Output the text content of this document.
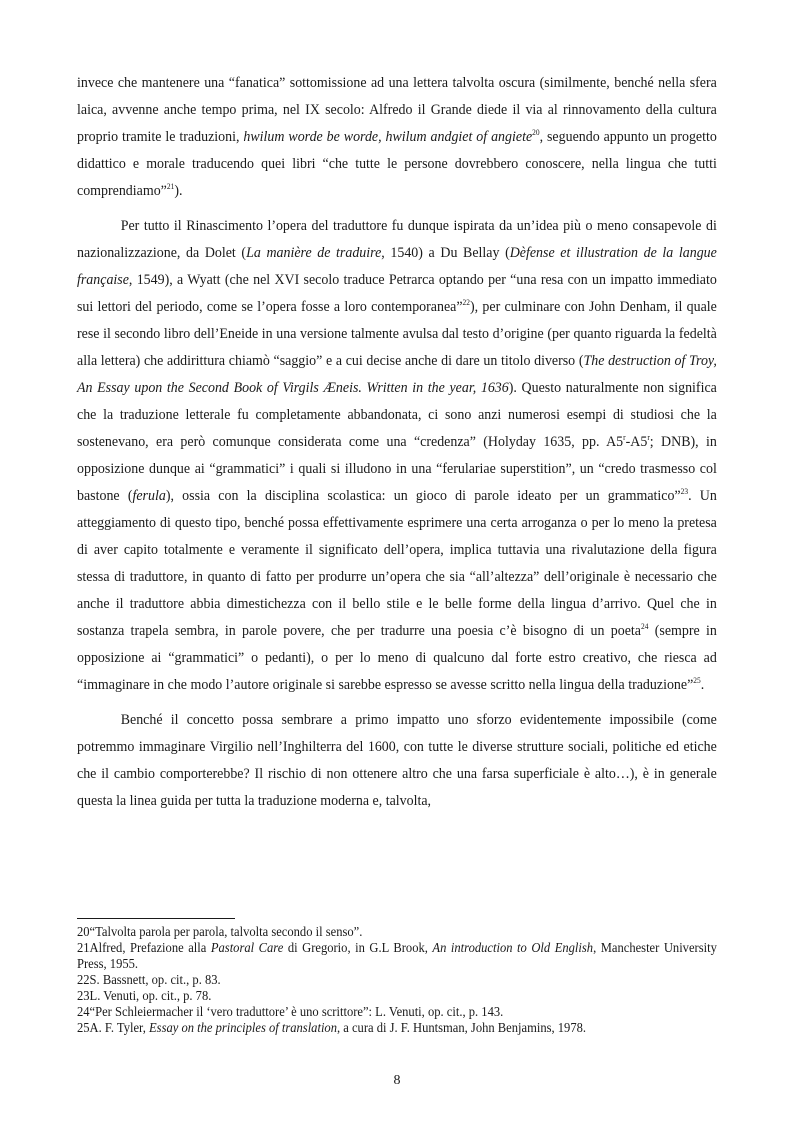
invece che mantenere una “fanatica” sottomissione ad una lettera talvolta oscura (similmente, benché nella sfera laica, avvenne anche tempo prima, nel IX secolo: Alfredo il Grande diede il via al rinnovamento della cultura proprio tramite le traduzioni, hwilum worde be worde, hwilum andgiet of angiete$^{20}$, seguendo appunto un progetto didattico e morale traducendo quei libri “che tutte le persone dovrebbero conoscere, nella lingua che tutti comprendiamo”$^{21}$).

Per tutto il Rinascimento l’opera del traduttore fu dunque ispirata da un’idea più o meno consapevole di nazionalizzazione, da Dolet (La manière de traduire, 1540) a Du Bellay (Dèfense et illustration de la langue française, 1549), a Wyatt (che nel XVI secolo traduce Petrarca optando per “una resa con un impatto immediato sui lettori del periodo, come se l’opera fosse a loro contemporanea”$^{22}$), per culminare con John Denham, il quale rese il secondo libro dell’Eneide in una versione talmente avulsa dal testo d’origine (per quanto riguarda la fedeltà alla lettera) che addirittura chiamò “saggio” e a cui decise anche di dare un titolo diverso (The destruction of Troy, An Essay upon the Second Book of Virgils Æneis. Written in the year, 1636). Questo naturalmente non significa che la traduzione letterale fu completamente abbandonata, ci sono anzi numerosi esempi di studiosi che la sostenevano, era però comunque considerata come una “credenza” (Holyday 1635, pp. A5$^r$-A5$^r$; DNB), in opposizione dunque ai “grammatici” i quali si illudono in una “ferulariae superstition”, un “credo trasmesso col bastone (ferula), ossia con la disciplina scolastica: un gioco di parole ideato per un grammatico”$^{23}$. Un atteggiamento di questo tipo, benché possa effettivamente esprimere una certa arroganza o per lo meno la pretesa di aver capito totalmente e veramente il significato dell’opera, implica tuttavia una rivalutazione della figura stessa di traduttore, in quanto di fatto per produrre un’opera che sia “all’altezza” dell’originale è necessario che anche il traduttore abbia dimestichezza con il bello stile e le belle forme della lingua d’arrivo. Quel che in sostanza trapela sembra, in parole povere, che per tradurre una poesia c’è bisogno di un poeta$^{24}$ (sempre in opposizione ai “grammatici” o pedanti), o per lo meno di qualcuno dal forte estro creativo, che riesca ad “immaginare in che modo l’autore originale si sarebbe espresso se avesse scritto nella lingua della traduzione”$^{25}$.

Benché il concetto possa sembrare a primo impatto uno sforzo evidentemente impossibile (come potremmo immaginare Virgilio nell’Inghilterra del 1600, con tutte le diverse strutture sociali, politiche ed etiche che il cambio comporterebbe? Il rischio di non ottenere altro che una farsa superficiale è alto…), è in generale questa la linea guida per tutta la traduzione moderna e, talvolta,

20“Talvolta parola per parola, talvolta secondo il senso”.

21Alfred, Prefazione alla Pastoral Care di Gregorio, in G.L Brook, An introduction to Old English, Manchester University Press, 1955.

22S. Bassnett, op. cit., p. 83.

23L. Venuti, op. cit., p. 78.

24“Per Schleiermacher il ‘vero traduttore’ è uno scrittore”: L. Venuti, op. cit., p. 143.

25A. F. Tyler, Essay on the principles of translation, a cura di J. F. Huntsman, John Benjamins, 1978.

8
